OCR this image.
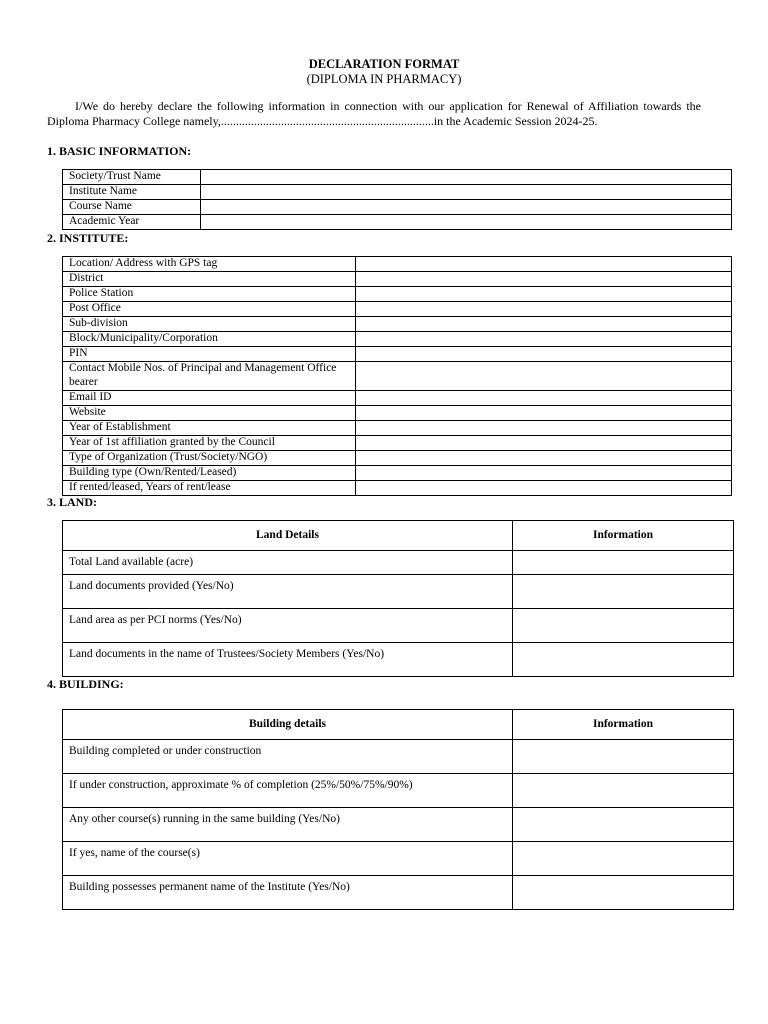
DECLARATION FORMAT
(DIPLOMA IN PHARMACY)
I/We do hereby declare the following information in connection with our application for Renewal of Affiliation towards the Diploma Pharmacy College namely,.......................................................................in the Academic Session 2024-25.
1. BASIC INFORMATION:
Society/Trust Name	
Institute Name	
Course Name	
Academic Year	
2. INSTITUTE:
Location/ Address with GPS tag	
District	
Police Station	
Post Office	
Sub-division	
Block/Municipality/Corporation	
PIN	
Contact Mobile Nos. of Principal and Management Office bearer	
Email ID	
Website	
Year of Establishment	
Year of 1st affiliation granted by the Council	
Type of Organization (Trust/Society/NGO)	
Building type (Own/Rented/Leased)	
If rented/leased, Years of rent/lease	
3. LAND:
Land Details	Information
Total Land available (acre)	
Land documents provided (Yes/No)	
Land area as per PCI norms (Yes/No)	
Land documents in the name of Trustees/Society Members (Yes/No)	
4. BUILDING:
Building details	Information
Building completed or under construction	
If under construction, approximate % of completion (25%/50%/75%/90%)	
Any other course(s) running in the same building (Yes/No)	
If yes, name of the course(s)	
Building possesses permanent name of the Institute (Yes/No)	
